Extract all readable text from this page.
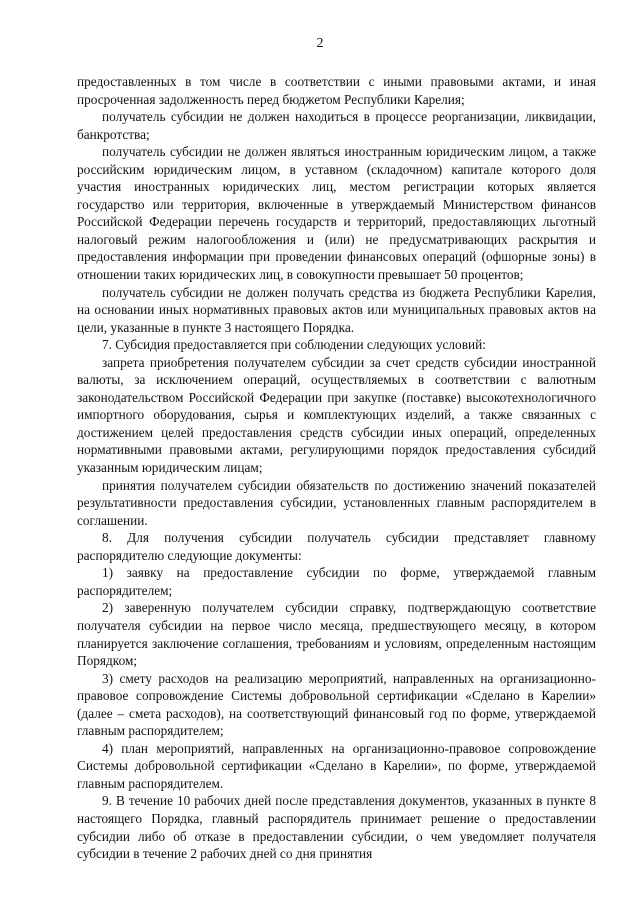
2

предоставленных в том числе в соответствии с иными правовыми актами, и иная просроченная задолженность перед бюджетом Республики Карелия;

получатель субсидии не должен находиться в процессе реорганизации, ликвидации, банкротства;

получатель субсидии не должен являться иностранным юридическим лицом, а также российским юридическим лицом, в уставном (складочном) капитале которого доля участия иностранных юридических лиц, местом регистрации которых является государство или территория, включенные в утверждаемый Министерством финансов Российской Федерации перечень государств и территорий, предоставляющих льготный налоговый режим налогообложения и (или) не предусматривающих раскрытия и предоставления информации при проведении финансовых операций (офшорные зоны) в отношении таких юридических лиц, в совокупности превышает 50 процентов;

получатель субсидии не должен получать средства из бюджета Республики Карелия, на основании иных нормативных правовых актов или муниципальных правовых актов на цели, указанные в пункте 3 настоящего Порядка.

7. Субсидия предоставляется при соблюдении следующих условий:

запрета приобретения получателем субсидии за счет средств субсидии иностранной валюты, за исключением операций, осуществляемых в соответствии с валютным законодательством Российской Федерации при закупке (поставке) высокотехнологичного импортного оборудования, сырья и комплектующих изделий, а также связанных с достижением целей предоставления средств субсидии иных операций, определенных нормативными правовыми актами, регулирующими порядок предоставления субсидий указанным юридическим лицам;

принятия получателем субсидии обязательств по достижению значений показателей результативности предоставления субсидии, установленных главным распорядителем в соглашении.

8. Для получения субсидии получатель субсидии представляет главному распорядителю следующие документы:

1) заявку на предоставление субсидии по форме, утверждаемой главным распорядителем;

2) заверенную получателем субсидии справку, подтверждающую соответствие получателя субсидии на первое число месяца, предшествующего месяцу, в котором планируется заключение соглашения, требованиям и условиям, определенным настоящим Порядком;

3) смету расходов на реализацию мероприятий, направленных на организационно-правовое сопровождение Системы добровольной сертификации «Сделано в Карелии» (далее – смета расходов), на соответствующий финансовый год по форме, утверждаемой главным распорядителем;

4) план мероприятий, направленных на организационно-правовое сопровождение Системы добровольной сертификации «Сделано в Карелии», по форме, утверждаемой главным распорядителем.

9. В течение 10 рабочих дней после представления документов, указанных в пункте 8 настоящего Порядка, главный распорядитель принимает решение о предоставлении субсидии либо об отказе в предоставлении субсидии, о чем уведомляет получателя субсидии в течение 2 рабочих дней со дня принятия
